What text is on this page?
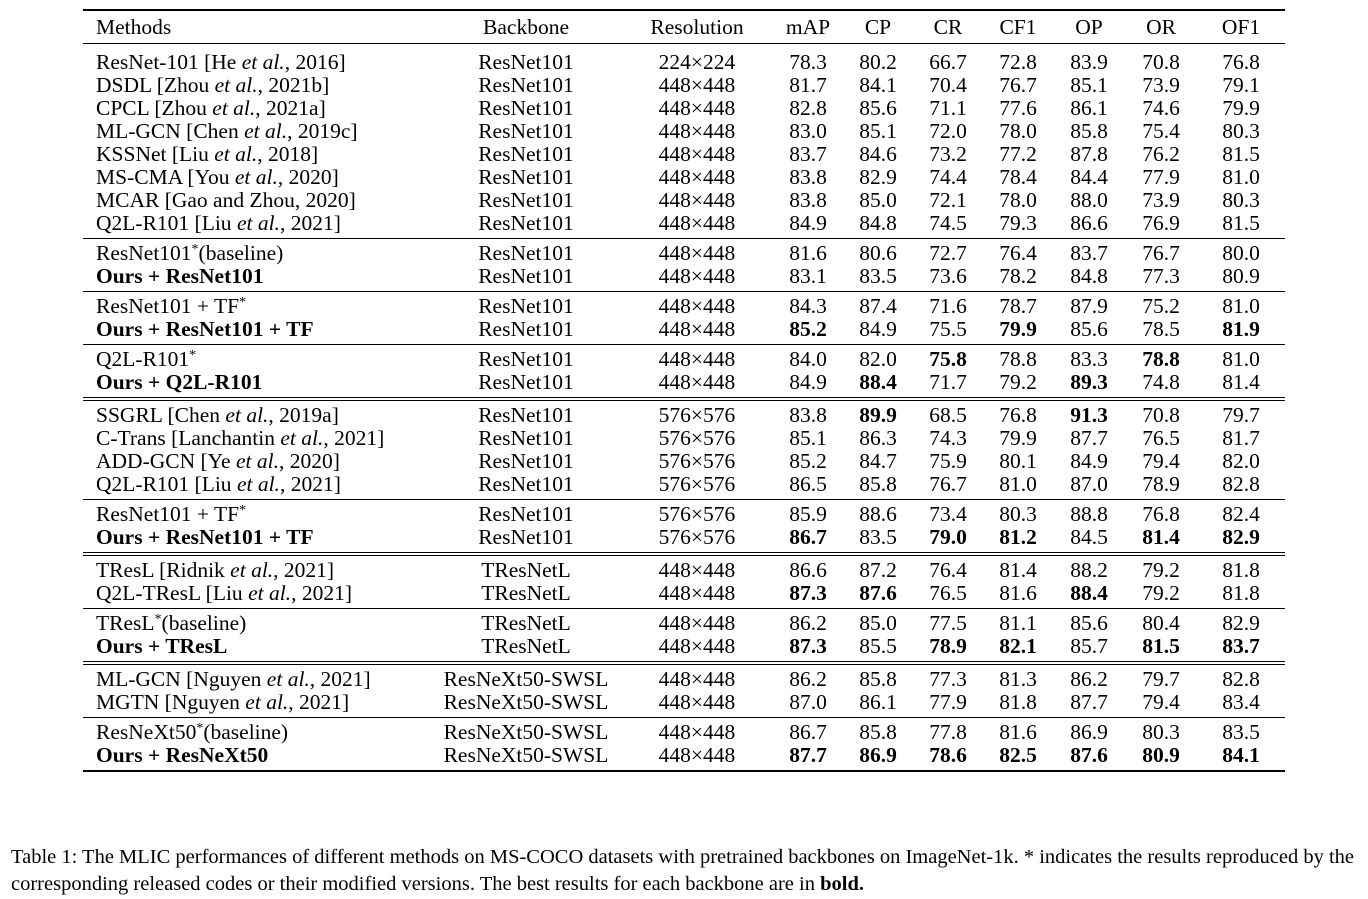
Methods	Backbone	Resolution	mAP	CP	CR	CF1	OP	OR	OF1
ResNet-101 [He et al., 2016]	ResNet101	224×224	78.3	80.2	66.7	72.8	83.9	70.8	76.8
DSDL [Zhou et al., 2021b]	ResNet101	448×448	81.7	84.1	70.4	76.7	85.1	73.9	79.1
CPCL [Zhou et al., 2021a]	ResNet101	448×448	82.8	85.6	71.1	77.6	86.1	74.6	79.9
ML-GCN [Chen et al., 2019c]	ResNet101	448×448	83.0	85.1	72.0	78.0	85.8	75.4	80.3
KSSNet [Liu et al., 2018]	ResNet101	448×448	83.7	84.6	73.2	77.2	87.8	76.2	81.5
MS-CMA [You et al., 2020]	ResNet101	448×448	83.8	82.9	74.4	78.4	84.4	77.9	81.0
MCAR [Gao and Zhou, 2020]	ResNet101	448×448	83.8	85.0	72.1	78.0	88.0	73.9	80.3
Q2L-R101 [Liu et al., 2021]	ResNet101	448×448	84.9	84.8	74.5	79.3	86.6	76.9	81.5
ResNet101*(baseline)	ResNet101	448×448	81.6	80.6	72.7	76.4	83.7	76.7	80.0
Ours + ResNet101	ResNet101	448×448	83.1	83.5	73.6	78.2	84.8	77.3	80.9
ResNet101 + TF*	ResNet101	448×448	84.3	87.4	71.6	78.7	87.9	75.2	81.0
Ours + ResNet101 + TF	ResNet101	448×448	85.2	84.9	75.5	79.9	85.6	78.5	81.9
Q2L-R101*	ResNet101	448×448	84.0	82.0	75.8	78.8	83.3	78.8	81.0
Ours + Q2L-R101	ResNet101	448×448	84.9	88.4	71.7	79.2	89.3	74.8	81.4
SSGRL [Chen et al., 2019a]	ResNet101	576×576	83.8	89.9	68.5	76.8	91.3	70.8	79.7
C-Trans [Lanchantin et al., 2021]	ResNet101	576×576	85.1	86.3	74.3	79.9	87.7	76.5	81.7
ADD-GCN [Ye et al., 2020]	ResNet101	576×576	85.2	84.7	75.9	80.1	84.9	79.4	82.0
Q2L-R101 [Liu et al., 2021]	ResNet101	576×576	86.5	85.8	76.7	81.0	87.0	78.9	82.8
ResNet101 + TF*	ResNet101	576×576	85.9	88.6	73.4	80.3	88.8	76.8	82.4
Ours + ResNet101 + TF	ResNet101	576×576	86.7	83.5	79.0	81.2	84.5	81.4	82.9
TResL [Ridnik et al., 2021]	TResNetL	448×448	86.6	87.2	76.4	81.4	88.2	79.2	81.8
Q2L-TResL [Liu et al., 2021]	TResNetL	448×448	87.3	87.6	76.5	81.6	88.4	79.2	81.8
TResL*(baseline)	TResNetL	448×448	86.2	85.0	77.5	81.1	85.6	80.4	82.9
Ours + TResL	TResNetL	448×448	87.3	85.5	78.9	82.1	85.7	81.5	83.7
ML-GCN [Nguyen et al., 2021]	ResNeXt50-SWSL	448×448	86.2	85.8	77.3	81.3	86.2	79.7	82.8
MGTN [Nguyen et al., 2021]	ResNeXt50-SWSL	448×448	87.0	86.1	77.9	81.8	87.7	79.4	83.4
ResNeXt50*(baseline)	ResNeXt50-SWSL	448×448	86.7	85.8	77.8	81.6	86.9	80.3	83.5
Ours + ResNeXt50	ResNeXt50-SWSL	448×448	87.7	86.9	78.6	82.5	87.6	80.9	84.1
Table 1: The MLIC performances of different methods on MS-COCO datasets with pretrained backbones on ImageNet-1k. * indicates the results reproduced by the corresponding released codes or their modified versions. The best results for each backbone are in bold.
